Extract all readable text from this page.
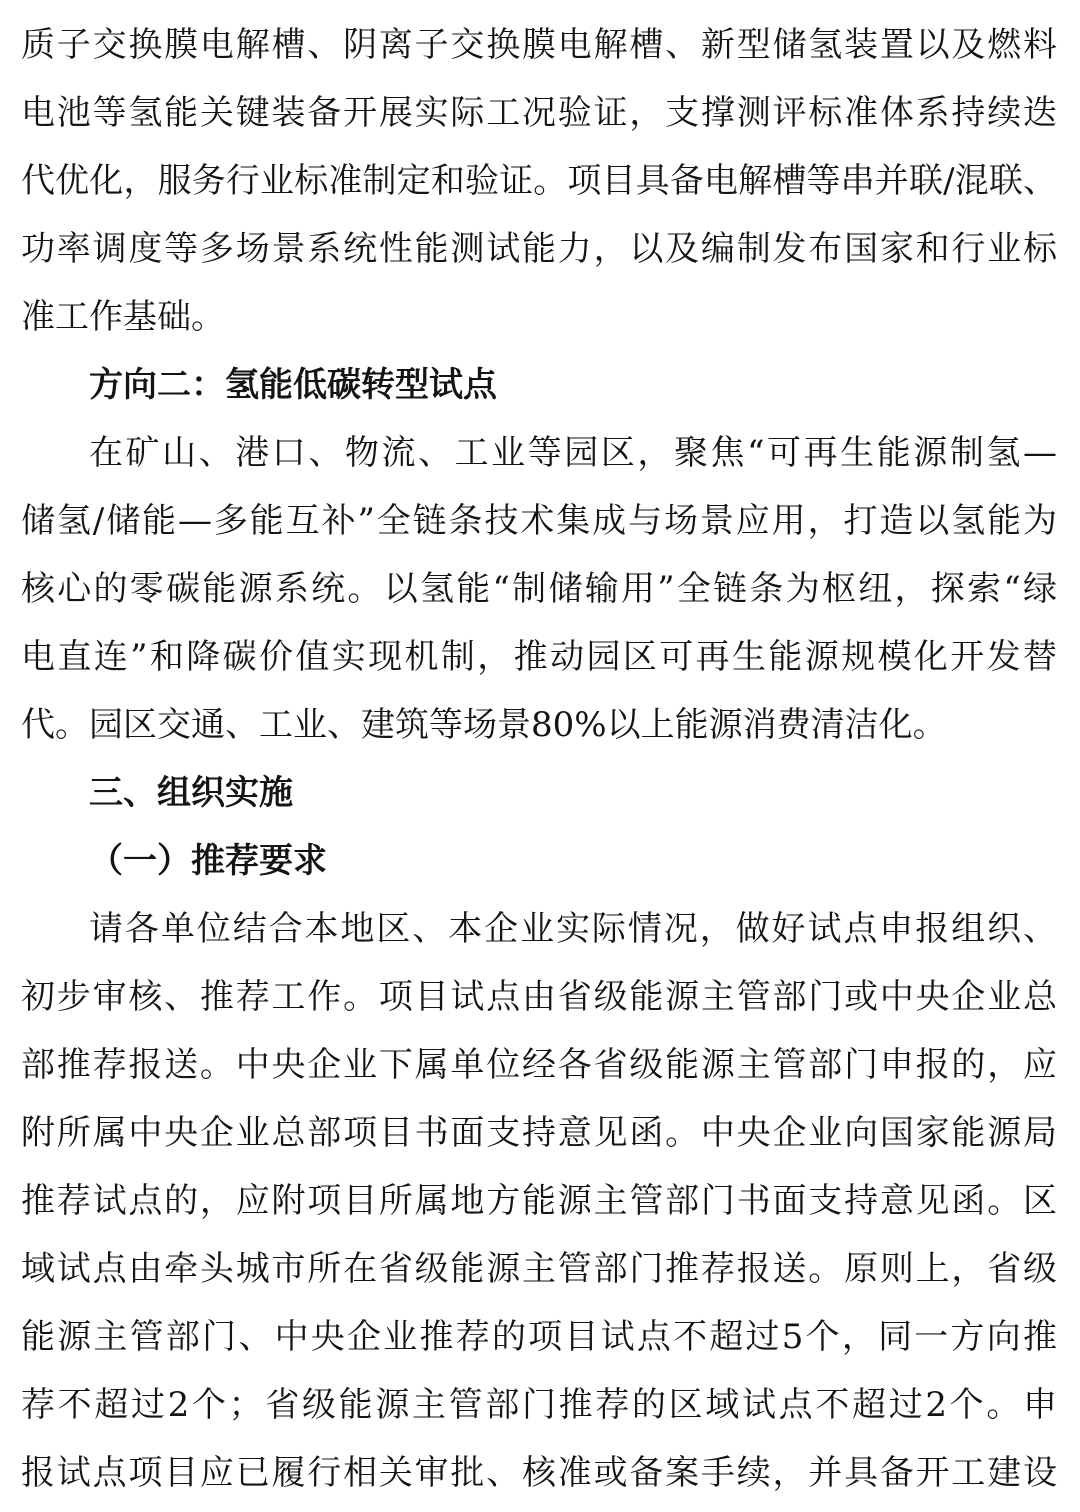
质子交换膜电解槽、阴离子交换膜电解槽、新型储氢装置以及燃料
电池等氢能关键装备开展实际工况验证，支撑测评标准体系持续迭
代优化，服务行业标准制定和验证。项目具备电解槽等串并联/混联、
功率调度等多场景系统性能测试能力，以及编制发布国家和行业标
准工作基础。
方向二：氢能低碳转型试点
在矿山、港口、物流、工业等园区，聚焦“可再生能源制氢—
储氢/储能—多能互补”全链条技术集成与场景应用，打造以氢能为
核心的零碳能源系统。以氢能“制储输用”全链条为枢纽，探索“绿
电直连”和降碳价值实现机制，推动园区可再生能源规模化开发替
代。园区交通、工业、建筑等场景80%以上能源消费清洁化。
三、组织实施
（一）推荐要求
请各单位结合本地区、本企业实际情况，做好试点申报组织、
初步审核、推荐工作。项目试点由省级能源主管部门或中央企业总
部推荐报送。中央企业下属单位经各省级能源主管部门申报的，应
附所属中央企业总部项目书面支持意见函。中央企业向国家能源局
推荐试点的，应附项目所属地方能源主管部门书面支持意见函。区
域试点由牵头城市所在省级能源主管部门推荐报送。原则上，省级
能源主管部门、中央企业推荐的项目试点不超过5个，同一方向推
荐不超过2个；省级能源主管部门推荐的区域试点不超过2个。申
报试点项目应已履行相关审批、核准或备案手续，并具备开工建设
